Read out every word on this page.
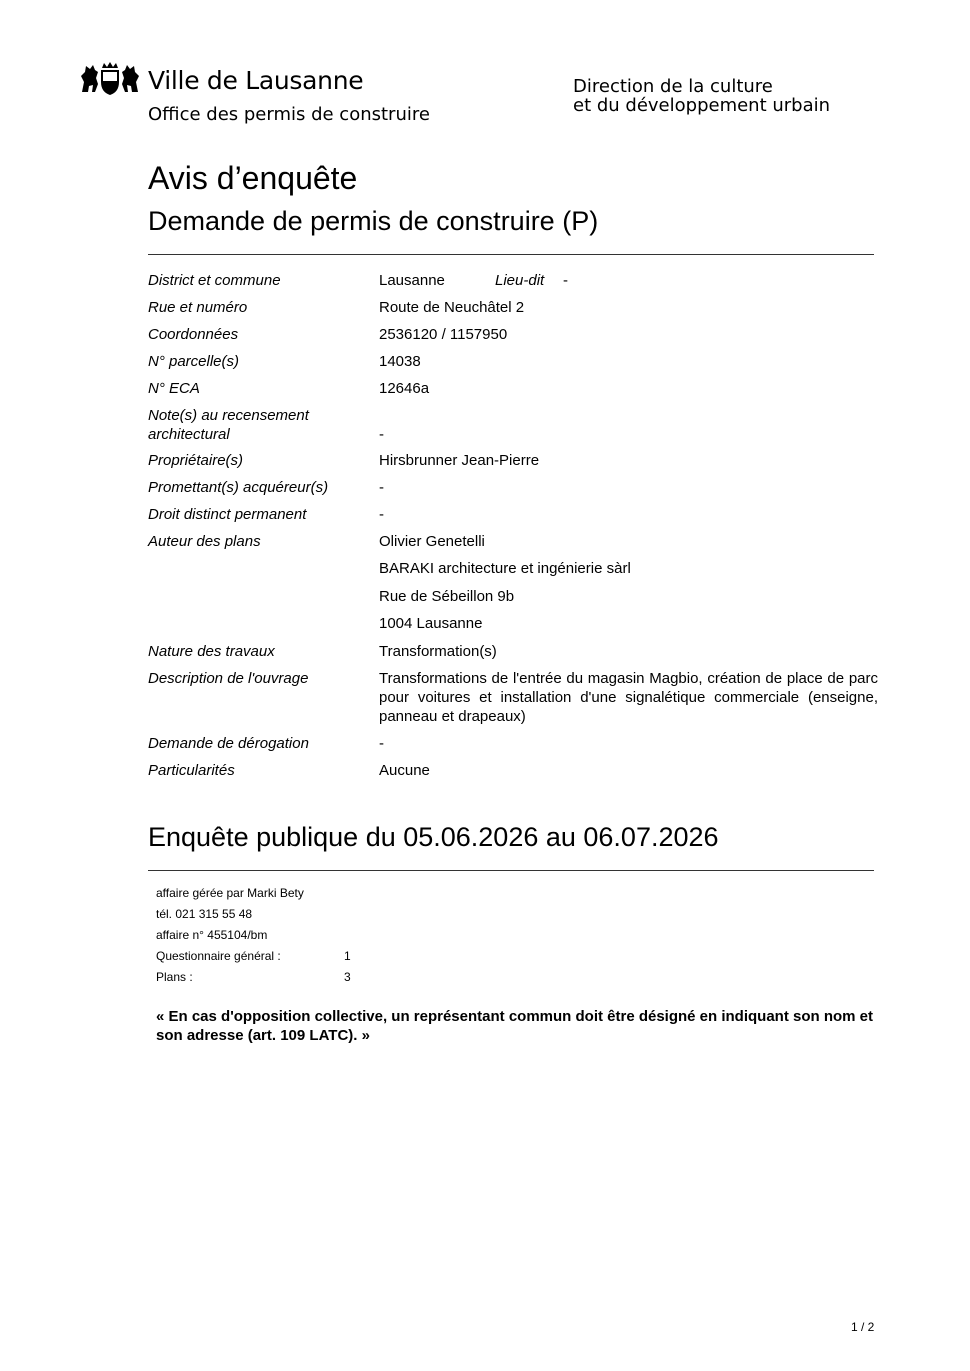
Ville de Lausanne
Office des permis de construire
Direction de la culture
et du développement urbain
Avis d’enquête
Demande de permis de construire (P)
District et commune	Lausanne	Lieu-dit -
Rue et numéro	Route de Neuchâtel 2
Coordonnées	2536120 / 1157950
N° parcelle(s)	14038
N° ECA	12646a
Note(s) au recensement
architectural	-
Propriétaire(s)	Hirsbrunner Jean-Pierre
Promettant(s) acquéreur(s)	-
Droit distinct permanent	-
Auteur des plans	Olivier Genetelli
BARAKI architecture et ingénierie sàrl
Rue de Sébeillon 9b
1004 Lausanne
Nature des travaux	Transformation(s)
Description de l'ouvrage	Transformations de l'entrée du magasin Magbio, création de place de parc pour voitures et installation d'une signalétique commerciale (enseigne, panneau et drapeaux)
Demande de dérogation	-
Particularités	Aucune
Enquête publique du 05.06.2026 au 06.07.2026
affaire gérée par Marki Bety
tél. 021 315 55 48
affaire n° 455104/bm
Questionnaire général :	1
Plans :	3
« En cas d'opposition collective, un représentant commun doit être désigné en indiquant son nom et son adresse (art. 109 LATC). »
1 / 2
